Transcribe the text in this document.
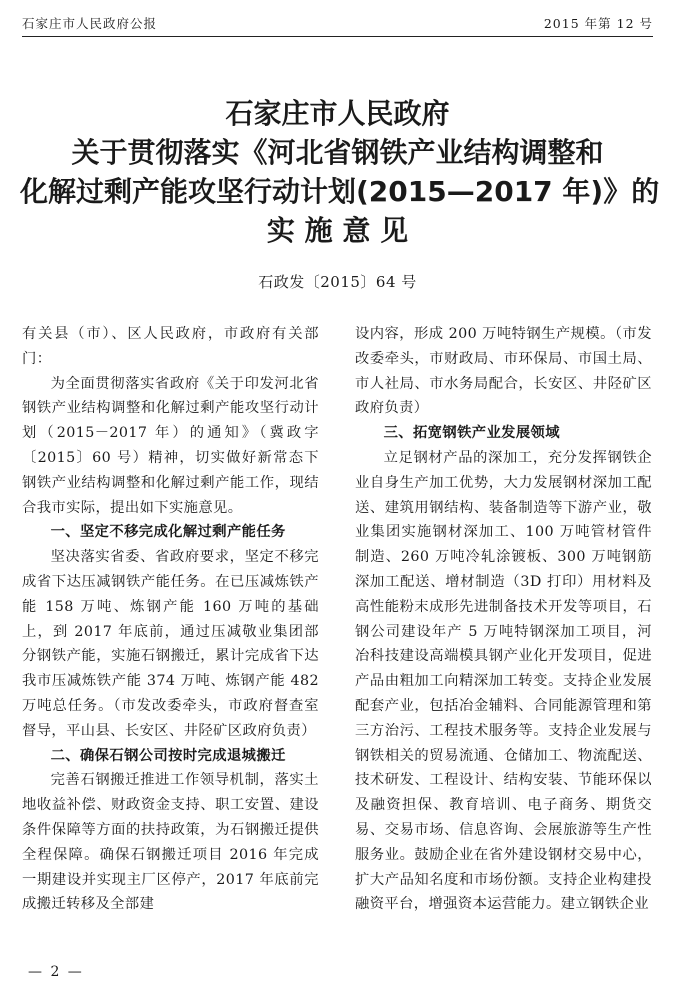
石家庄市人民政府公报	2015 年第 12 号
石家庄市人民政府
关于贯彻落实《河北省钢铁产业结构调整和
化解过剩产能攻坚行动计划(2015—2017 年)》的
实 施 意 见
石政发〔2015〕64 号

有关县（市）、区人民政府，市政府有关部门：

为全面贯彻落实省政府《关于印发河北省钢铁产业结构调整和化解过剩产能攻坚行动计划（2015－2017 年）的通知》（冀政字〔2015〕60 号）精神，切实做好新常态下钢铁产业结构调整和化解过剩产能工作，现结合我市实际，提出如下实施意见。

一、坚定不移完成化解过剩产能任务

坚决落实省委、省政府要求，坚定不移完成省下达压减钢铁产能任务。在已压减炼铁产能 158 万吨、炼钢产能 160 万吨的基础上，到 2017 年底前，通过压减敬业集团部分钢铁产能，实施石钢搬迁，累计完成省下达我市压减炼铁产能 374 万吨、炼钢产能 482 万吨总任务。（市发改委牵头，市政府督查室督导，平山县、长安区、井陉矿区政府负责）

二、确保石钢公司按时完成退城搬迁

完善石钢搬迁推进工作领导机制，落实土地收益补偿、财政资金支持、职工安置、建设条件保障等方面的扶持政策，为石钢搬迁提供全程保障。确保石钢搬迁项目 2016 年完成一期建设并实现主厂区停产，2017 年底前完成搬迁转移及全部建

设内容，形成 200 万吨特钢生产规模。（市发改委牵头，市财政局、市环保局、市国土局、市人社局、市水务局配合，长安区、井陉矿区政府负责）

三、拓宽钢铁产业发展领域

立足钢材产品的深加工，充分发挥钢铁企业自身生产加工优势，大力发展钢材深加工配送、建筑用钢结构、装备制造等下游产业，敬业集团实施钢材深加工、100 万吨管材管件制造、260 万吨冷轧涂镀板、300 万吨钢筋深加工配送、增材制造（3D 打印）用材料及高性能粉末成形先进制备技术开发等项目，石钢公司建设年产 5 万吨特钢深加工项目，河冶科技建设高端模具钢产业化开发项目，促进产品由粗加工向精深加工转变。支持企业发展配套产业，包括冶金辅料、合同能源管理和第三方治污、工程技术服务等。支持企业发展与钢铁相关的贸易流通、仓储加工、物流配送、技术研发、工程设计、结构安装、节能环保以及融资担保、教育培训、电子商务、期货交易、交易市场、信息咨询、会展旅游等生产性服务业。鼓励企业在省外建设钢材交易中心，扩大产品知名度和市场份额。支持企业构建投融资平台，增强资本运营能力。建立钢铁企业

— 2 —
